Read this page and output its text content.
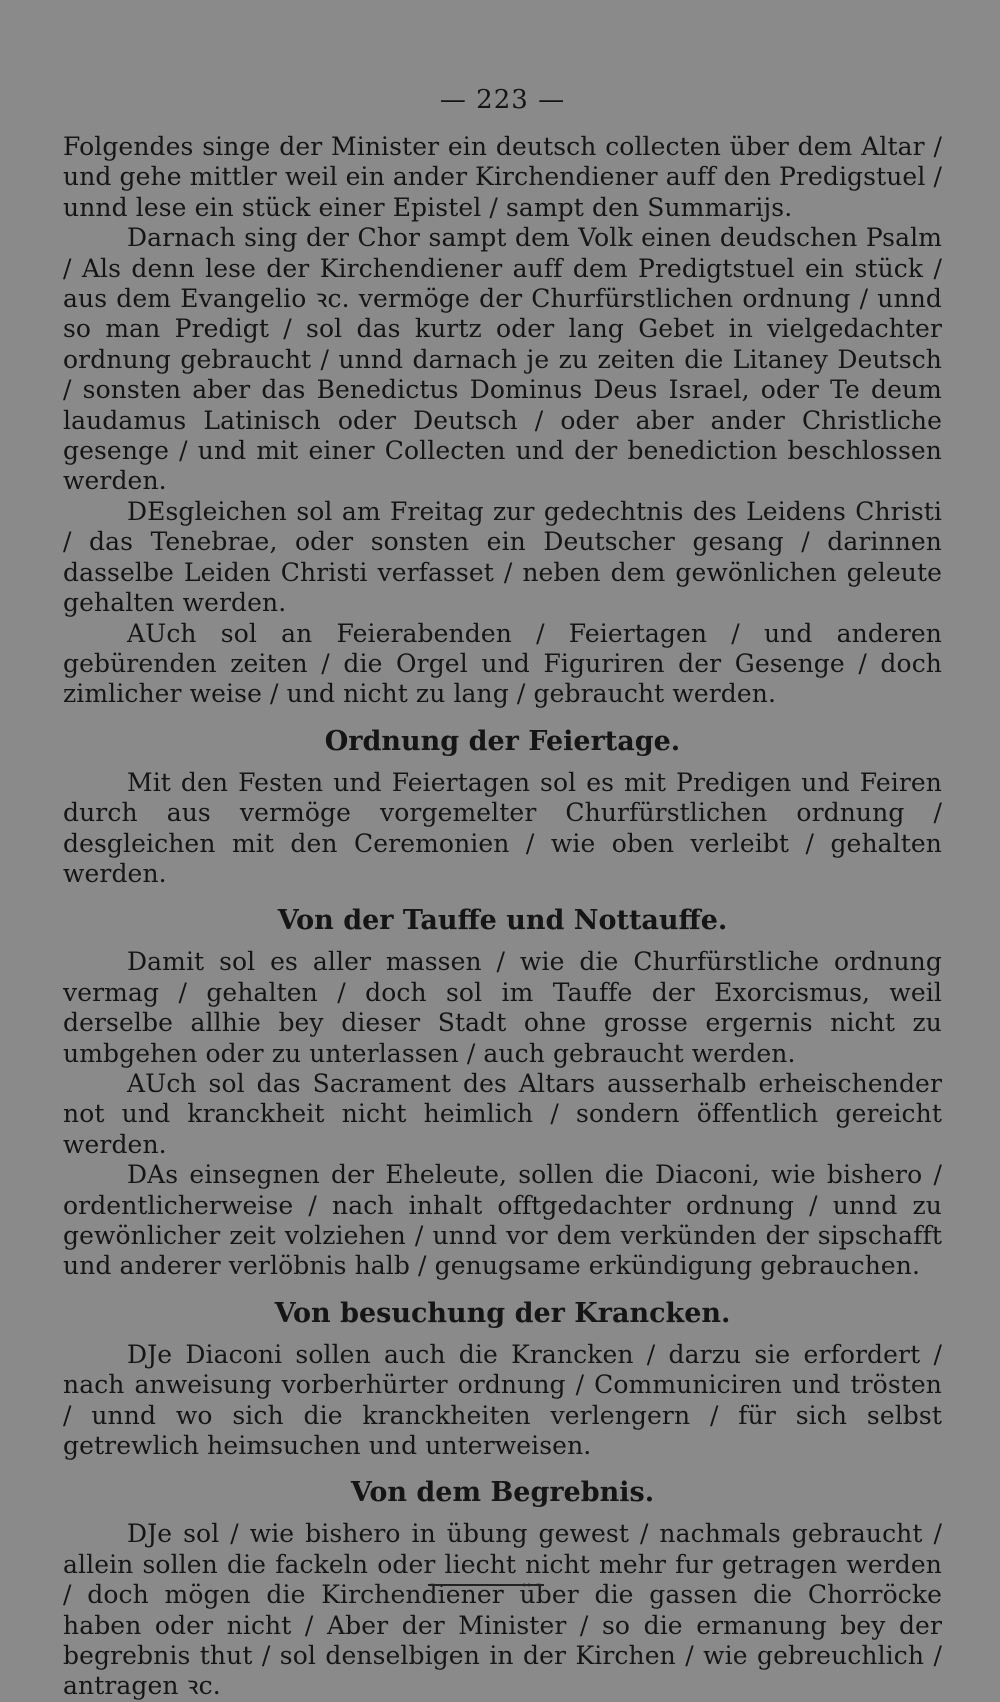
— 223 —

Folgendes singe der Minister ein deutsch collecten über dem Altar / und gehe mittler weil ein ander Kirchendiener auff den Predigstuel / unnd lese ein stück einer Epistel / sampt den Summarijs.

Darnach sing der Chor sampt dem Volk einen deudschen Psalm / Als denn lese der Kirchendiener auff dem Predigtstuel ein stück / aus dem Evangelio ꝛc. vermöge der Churfürstlichen ordnung / unnd so man Predigt / sol das kurtz oder lang Gebet in vielgedachter ordnung gebraucht / unnd darnach je zu zeiten die Litaney Deutsch / sonsten aber das Benedictus Dominus Deus Israel, oder Te deum laudamus Latinisch oder Deutsch / oder aber ander Christliche gesenge / und mit einer Collecten und der benediction beschlossen werden.

DEsgleichen sol am Freitag zur gedechtnis des Leidens Christi / das Tenebrae, oder sonsten ein Deutscher gesang / darinnen dasselbe Leiden Christi verfasset / neben dem gewönlichen geleute gehalten werden.

AUch sol an Feierabenden / Feiertagen / und anderen gebürenden zeiten / die Orgel und Figuriren der Gesenge / doch zimlicher weise / und nicht zu lang / gebraucht werden.

Ordnung der Feiertage.

Mit den Festen und Feiertagen sol es mit Predigen und Feiren durch aus vermöge vorgemelter Churfürstlichen ordnung / desgleichen mit den Ceremonien / wie oben verleibt / gehalten werden.

Von der Tauffe und Nottauffe.

Damit sol es aller massen / wie die Churfürstliche ordnung vermag / gehalten / doch sol im Tauffe der Exorcismus, weil derselbe allhie bey dieser Stadt ohne grosse ergernis nicht zu umbgehen oder zu unterlassen / auch gebraucht werden.

AUch sol das Sacrament des Altars ausserhalb erheischender not und kranckheit nicht heimlich / sondern öffentlich gereicht werden.

DAs einsegnen der Eheleute, sollen die Diaconi, wie bishero / ordentlicherweise / nach inhalt offtgedachter ordnung / unnd zu gewönlicher zeit volziehen / unnd vor dem verkünden der sipschafft und anderer verlöbnis halb / genugsame erkündigung gebrauchen.

Von besuchung der Krancken.

DJe Diaconi sollen auch die Krancken / darzu sie erfordert / nach anweisung vorberhürter ordnung / Communiciren und trösten / unnd wo sich die kranckheiten verlengern / für sich selbst getrewlich heimsuchen und unterweisen.

Von dem Begrebnis.

DJe sol / wie bishero in übung gewest / nachmals gebraucht / allein sollen die fackeln oder liecht nicht mehr fur getragen werden / doch mögen die Kirchendiener über die gassen die Chorröcke haben oder nicht / Aber der Minister / so die ermanung bey der begrebnis thut / sol denselbigen in der Kirchen / wie gebreuchlich / antragen ꝛc.
